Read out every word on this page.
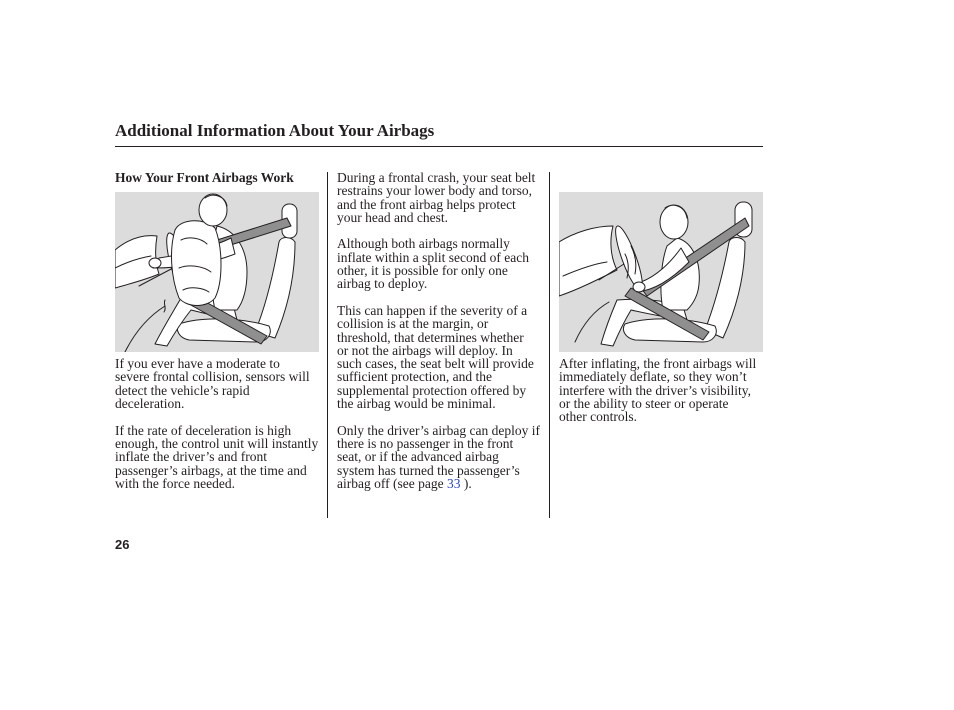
Additional Information About Your Airbags
How Your Front Airbags Work
If you ever have a moderate to
severe frontal collision, sensors will
detect the vehicle’s rapid
deceleration.
If the rate of deceleration is high
enough, the control unit will instantly
inflate the driver’s and front
passenger’s airbags, at the time and
with the force needed.
During a frontal crash, your seat belt
restrains your lower body and torso,
and the front airbag helps protect
your head and chest.
Although both airbags normally
inflate within a split second of each
other, it is possible for only one
airbag to deploy.
This can happen if the severity of a
collision is at the margin, or
threshold, that determines whether
or not the airbags will deploy. In
such cases, the seat belt will provide
sufficient protection, and the
supplemental protection offered by
the airbag would be minimal.
Only the driver’s airbag can deploy if
there is no passenger in the front
seat, or if the advanced airbag
system has turned the passenger’s
airbag off (see page 33 ).
After inflating, the front airbags will
immediately deflate, so they won’t
interfere with the driver’s visibility,
or the ability to steer or operate
other controls.
26
